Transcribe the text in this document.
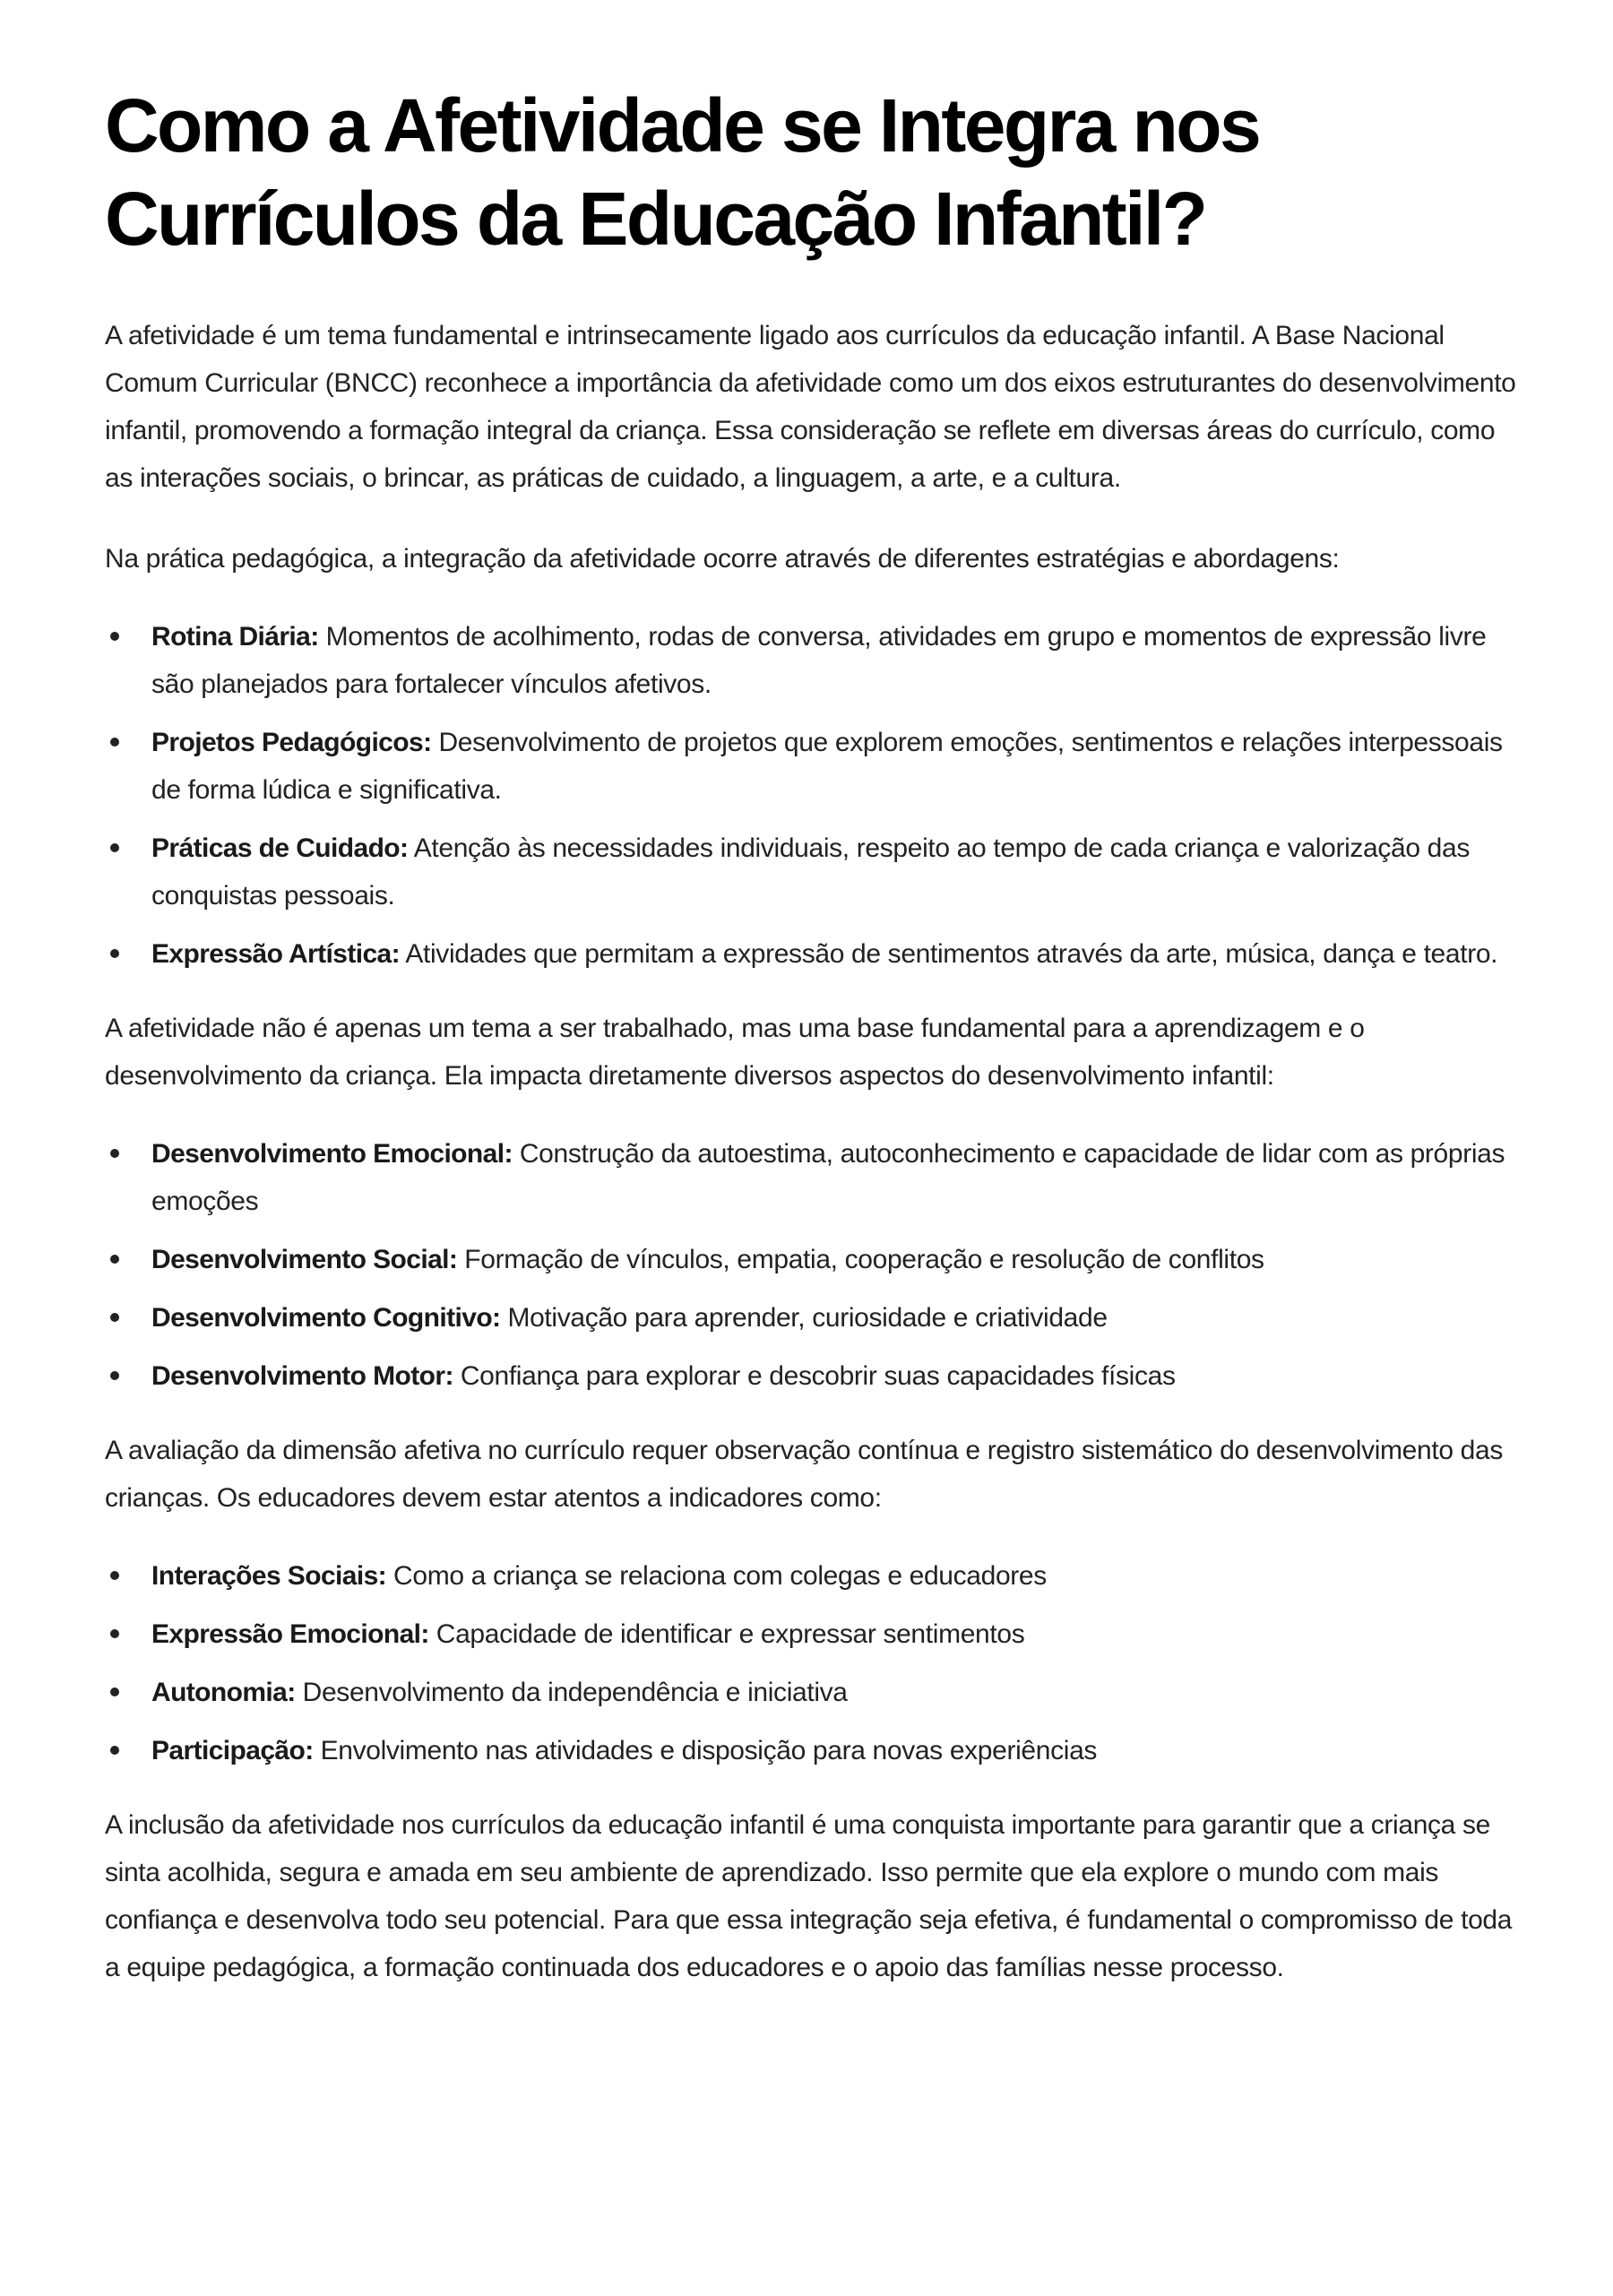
Como a Afetividade se Integra nos Currículos da Educação Infantil?

A afetividade é um tema fundamental e intrinsecamente ligado aos currículos da educação infantil. A Base Nacional Comum Curricular (BNCC) reconhece a importância da afetividade como um dos eixos estruturantes do desenvolvimento infantil, promovendo a formação integral da criança. Essa consideração se reflete em diversas áreas do currículo, como as interações sociais, o brincar, as práticas de cuidado, a linguagem, a arte, e a cultura.

Na prática pedagógica, a integração da afetividade ocorre através de diferentes estratégias e abordagens:

Rotina Diária: Momentos de acolhimento, rodas de conversa, atividades em grupo e momentos de expressão livre são planejados para fortalecer vínculos afetivos.
Projetos Pedagógicos: Desenvolvimento de projetos que explorem emoções, sentimentos e relações interpessoais de forma lúdica e significativa.
Práticas de Cuidado: Atenção às necessidades individuais, respeito ao tempo de cada criança e valorização das conquistas pessoais.
Expressão Artística: Atividades que permitam a expressão de sentimentos através da arte, música, dança e teatro.

A afetividade não é apenas um tema a ser trabalhado, mas uma base fundamental para a aprendizagem e o desenvolvimento da criança. Ela impacta diretamente diversos aspectos do desenvolvimento infantil:

Desenvolvimento Emocional: Construção da autoestima, autoconhecimento e capacidade de lidar com as próprias emoções
Desenvolvimento Social: Formação de vínculos, empatia, cooperação e resolução de conflitos
Desenvolvimento Cognitivo: Motivação para aprender, curiosidade e criatividade
Desenvolvimento Motor: Confiança para explorar e descobrir suas capacidades físicas

A avaliação da dimensão afetiva no currículo requer observação contínua e registro sistemático do desenvolvimento das crianças. Os educadores devem estar atentos a indicadores como:

Interações Sociais: Como a criança se relaciona com colegas e educadores
Expressão Emocional: Capacidade de identificar e expressar sentimentos
Autonomia: Desenvolvimento da independência e iniciativa
Participação: Envolvimento nas atividades e disposição para novas experiências

A inclusão da afetividade nos currículos da educação infantil é uma conquista importante para garantir que a criança se sinta acolhida, segura e amada em seu ambiente de aprendizado. Isso permite que ela explore o mundo com mais confiança e desenvolva todo seu potencial. Para que essa integração seja efetiva, é fundamental o compromisso de toda a equipe pedagógica, a formação continuada dos educadores e o apoio das famílias nesse processo.
